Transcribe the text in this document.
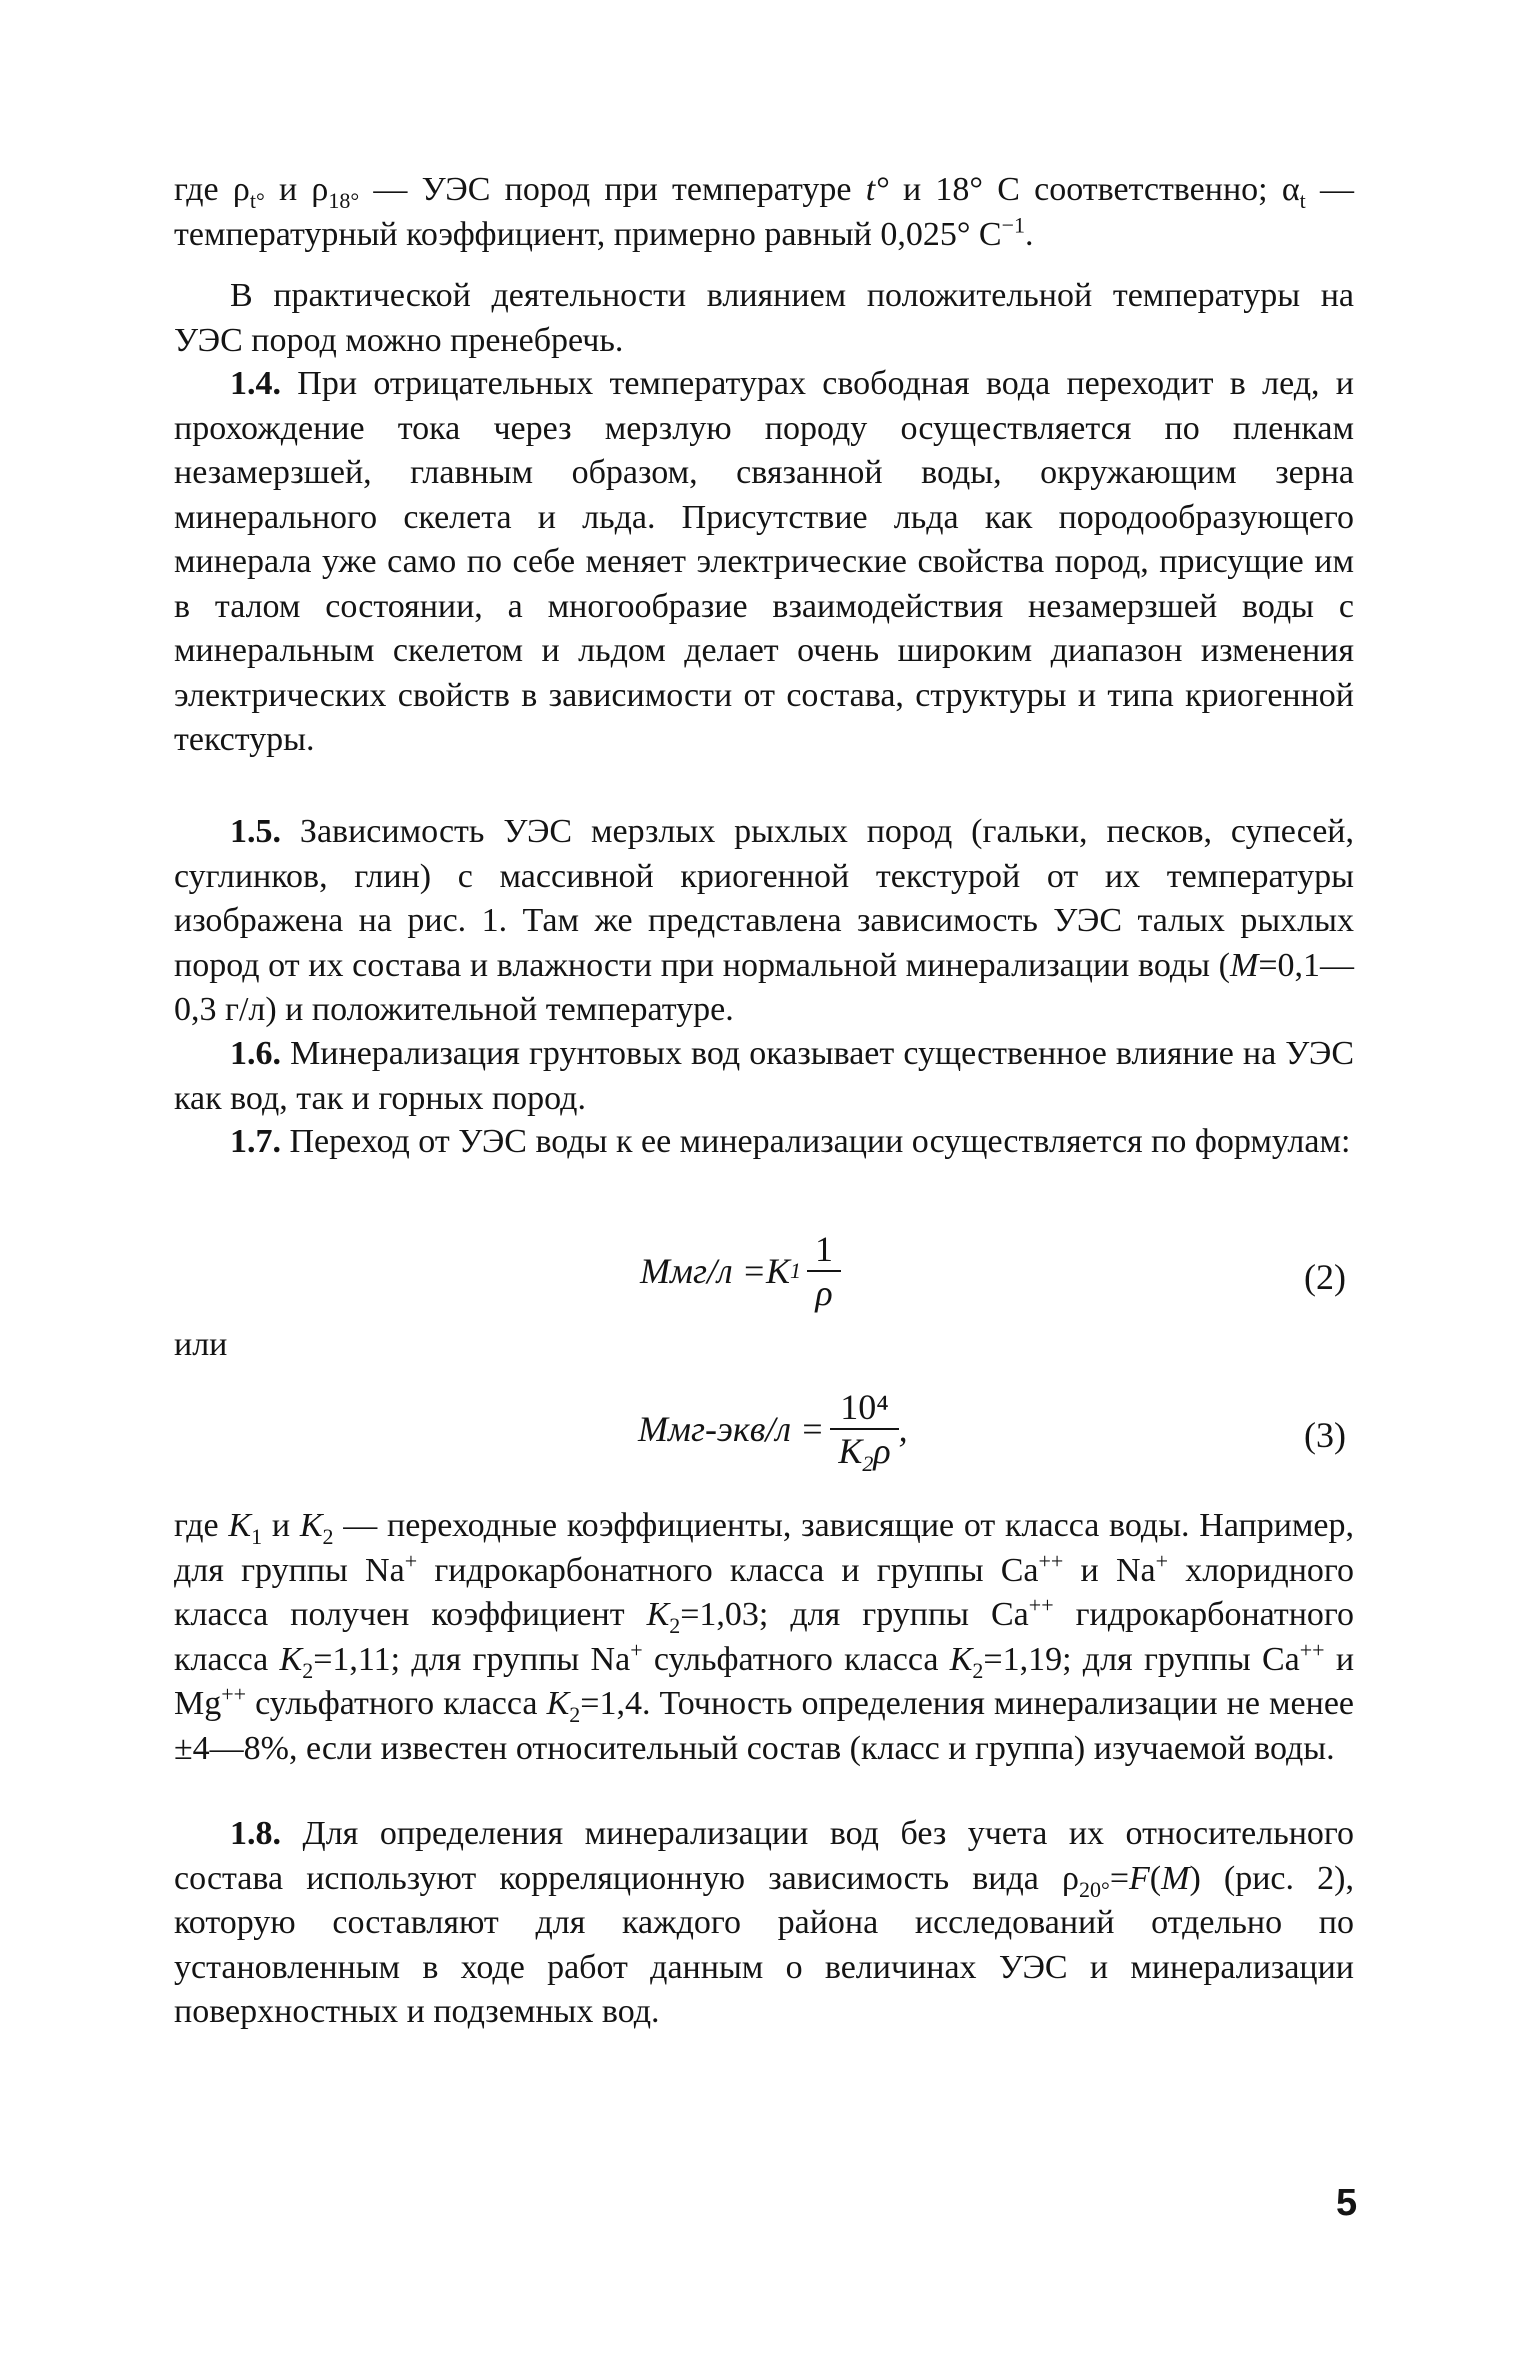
где $\rho_{t^\circ}$ и $\rho_{18^\circ}$ — УЭС пород при температуре t° и 18° С соответственно; $\alpha_t$ — температурный коэффициент, примерно равный 0,025° $С^{-1}$.

В практической деятельности влиянием положительной температуры на УЭС пород можно пренебречь.

1.4. При отрицательных температурах свободная вода переходит в лед, и прохождение тока через мерзлую породу осуществляется по пленкам незамерзшей, главным образом, связанной воды, окружающим зерна минерального скелета и льда. Присутствие льда как породообразующего минерала уже само по себе меняет электрические свойства пород, присущие им в талом состоянии, а многообразие взаимодействия незамерзшей воды с минеральным скелетом и льдом делает очень широким диапазон изменения электрических свойств в зависимости от состава, структуры и типа криогенной текстуры.

1.5. Зависимость УЭС мерзлых рыхлых пород (гальки, песков, супесей, суглинков, глин) с массивной криогенной текстурой от их температуры изображена на рис. 1. Там же представлена зависимость УЭС талых рыхлых пород от их состава и влажности при нормальной минерализации воды (М=0,1—0,3 г/л) и положительной температуре.

1.6. Минерализация грунтовых вод оказывает существенное влияние на УЭС как вод, так и горных пород.

1.7. Переход от УЭС воды к ее минерализации осуществляется по формулам:

Ммг/л = K $1 \frac{1}{\rho}$	(2)
или
$Ммг-экв/л = \frac{\text{10⁴}}{K_2\rho}$ ,	(3)

где $K_1$ и $K_2$ — переходные коэффициенты, зависящие от класса воды. Например, для группы Na+ гидрокарбонатного класса и группы Са++ и Na+ хлоридного класса получен коэффициент $K_2=1,03$; для группы Са++ гидрокарбонатного класса $K_2=1,11$; для группы Na+ сульфатного класса $K_2=1,19$; для группы Са++ и Mg++ сульфатного класса $K_2=1,4$. Точность определения минерализации не менее ±4—8%, если известен относительный состав (класс и группа) изучаемой воды.

1.8. Для определения минерализации вод без учета их относительного состава используют корреляционную зависимость вида $\rho_{20^\circ}=F(M)$ (рис. 2), которую составляют для каждого района исследований отдельно по установленным в ходе работ данным о величинах УЭС и минерализации поверхностных и подземных вод.

5
